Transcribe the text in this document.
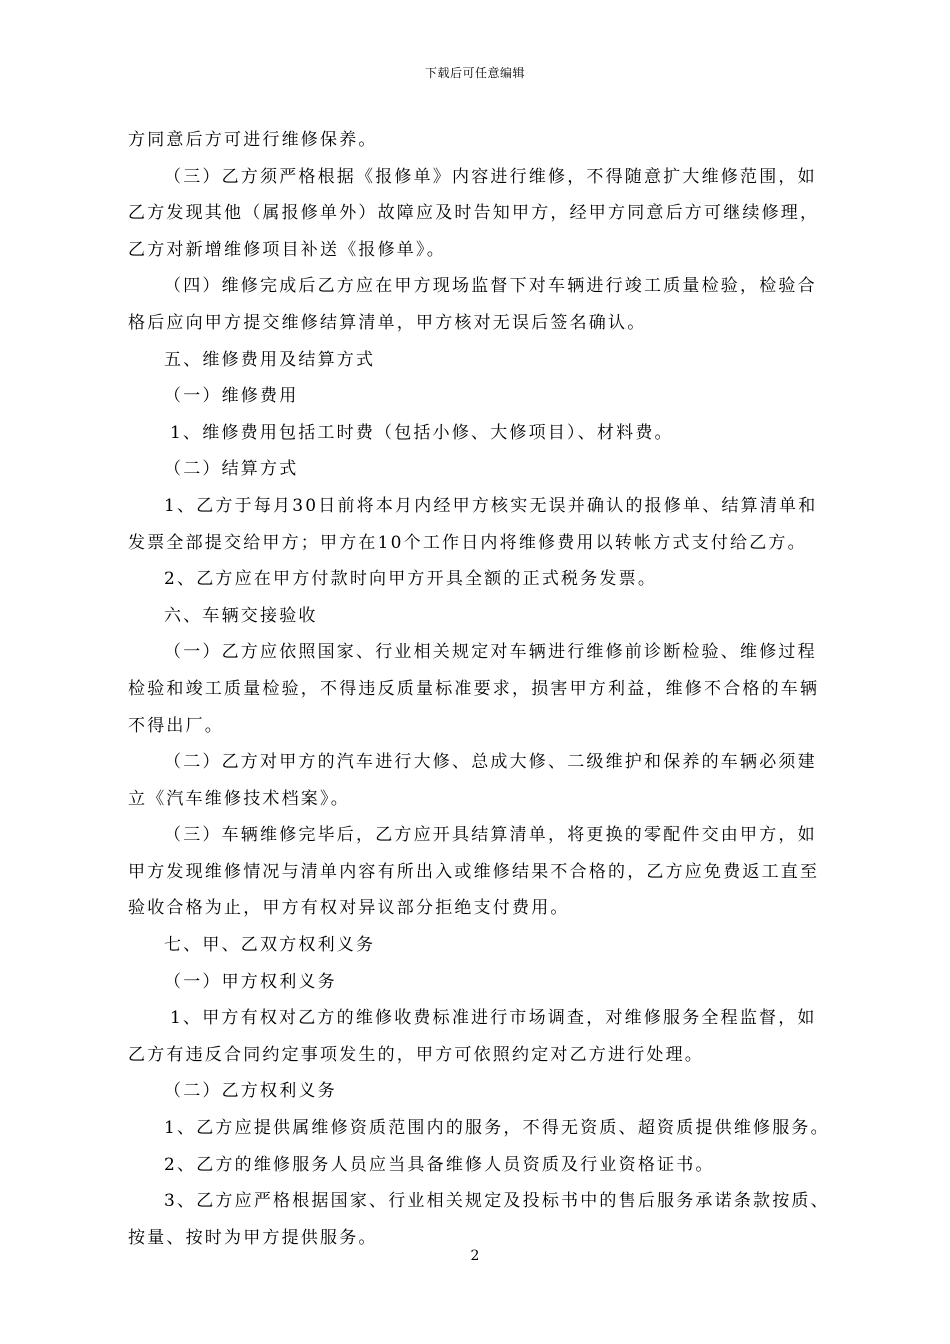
下载后可任意编辑

方同意后方可进行维修保养。

（三）乙方须严格根据《报修单》内容进行维修，不得随意扩大维修范围，如

乙方发现其他（属报修单外）故障应及时告知甲方，经甲方同意后方可继续修理，

乙方对新增维修项目补送《报修单》。

（四）维修完成后乙方应在甲方现场监督下对车辆进行竣工质量检验，检验合

格后应向甲方提交维修结算清单，甲方核对无误后签名确认。

五、维修费用及结算方式

（一）维修费用

1、维修费用包括工时费（包括小修、大修项目）、材料费。

（二）结算方式

1、乙方于每月30日前将本月内经甲方核实无误并确认的报修单、结算清单和

发票全部提交给甲方；甲方在10个工作日内将维修费用以转帐方式支付给乙方。

2、乙方应在甲方付款时向甲方开具全额的正式税务发票。

六、车辆交接验收

（一）乙方应依照国家、行业相关规定对车辆进行维修前诊断检验、维修过程

检验和竣工质量检验，不得违反质量标准要求，损害甲方利益，维修不合格的车辆

不得出厂。

（二）乙方对甲方的汽车进行大修、总成大修、二级维护和保养的车辆必须建

立《汽车维修技术档案》。

（三）车辆维修完毕后，乙方应开具结算清单，将更换的零配件交由甲方，如

甲方发现维修情况与清单内容有所出入或维修结果不合格的，乙方应免费返工直至

验收合格为止，甲方有权对异议部分拒绝支付费用。

七、甲、乙双方权利义务

（一）甲方权利义务

1、甲方有权对乙方的维修收费标准进行市场调查，对维修服务全程监督，如

乙方有违反合同约定事项发生的，甲方可依照约定对乙方进行处理。

（二）乙方权利义务

1、乙方应提供属维修资质范围内的服务，不得无资质、超资质提供维修服务。

2、乙方的维修服务人员应当具备维修人员资质及行业资格证书。

3、乙方应严格根据国家、行业相关规定及投标书中的售后服务承诺条款按质、

按量、按时为甲方提供服务。

2
